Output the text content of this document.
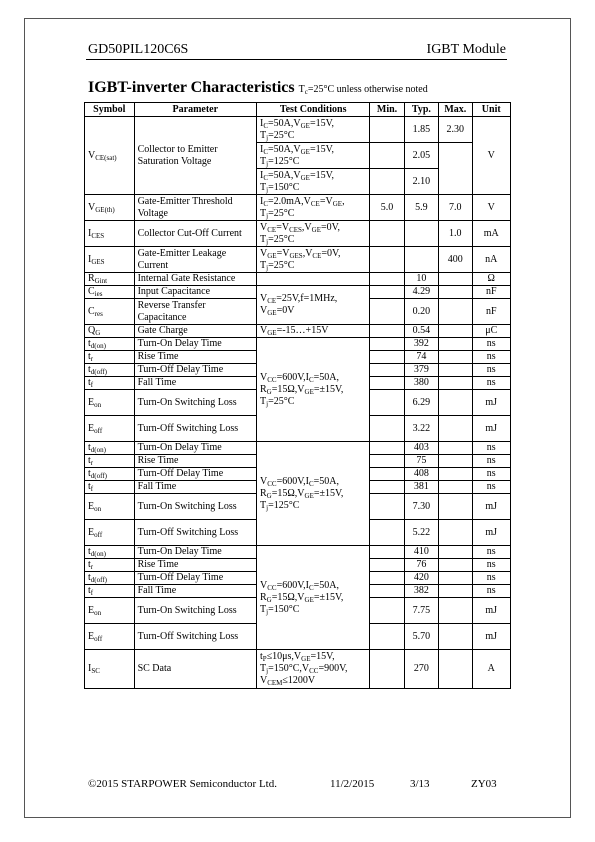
GD50PIL120C6S	IGBT Module
IGBT-inverter Characteristics $T_c=25^\circ C$ unless otherwise noted
Symbol	Parameter	Test Conditions	Min.	Typ.	Max.	Unit
$V_{CE(sat)}$	Collector to Emitter Saturation Voltage	$I_C=50A,V_{GE}=15V$,
$T_j=25^\circ C$		1.85	2.30	V
		$I_C=50A,V_{GE}=15V$,
$T_j=125^\circ C$		2.05		
		$I_C=50A,V_{GE}=15V$,
$T_j=150^\circ C$		2.10		
$V_{GE(th)}$	Gate-Emitter Threshold Voltage	$I_C=2.0mA,V_{CE}=V_{GE}$,
$T_j=25^\circ C$	5.0	5.9	7.0	V
$I_{CES}$	Collector Cut-Off Current	$V_{CE}=V_{CES},V_{GE}=0V$,
$T_j=25^\circ C$			1.0	mA
$I_{GES}$	Gate-Emitter Leakage Current	$V_{GE}=V_{GES},V_{CE}=0V$,
$T_j=25^\circ C$			400	nA
$R_{Gint}$	Internal Gate Resistance			10		Ω
$C_{ies}$	Input Capacitance	$V_{CE}=25V,f=1MHz$,
$V_{GE}=0V$		4.29		nF
$C_{res}$	Reverse Transfer Capacitance			0.20		nF
$Q_G$	Gate Charge	$V_{GE}=-15\dots+15V$		0.54		μC
$t_{d(on)}$	Turn-On Delay Time	$V_{CC}=600V,I_C=50A$,
$R_G=15\Omega,V_{GE}=\pm 15V$,
$T_j=25^\circ C$		392		ns
$t_r$	Rise Time			74		ns
$t_{d(off)}$	Turn-Off Delay Time			379		ns
$t_f$	Fall Time			380		ns
$E_{on}$	Turn-On Switching Loss			6.29		mJ
$E_{off}$	Turn-Off Switching Loss			3.22		mJ
$t_{d(on)}$	Turn-On Delay Time	$V_{CC}=600V,I_C=50A$,
$R_G=15\Omega,V_{GE}=\pm 15V$,
$T_j=125^\circ C$		403		ns
$t_r$	Rise Time			75		ns
$t_{d(off)}$	Turn-Off Delay Time			408		ns
$t_f$	Fall Time			381		ns
$E_{on}$	Turn-On Switching Loss			7.30		mJ
$E_{off}$	Turn-Off Switching Loss			5.22		mJ
$t_{d(on)}$	Turn-On Delay Time	$V_{CC}=600V,I_C=50A$,
$R_G=15\Omega,V_{GE}=\pm 15V$,
$T_j=150^\circ C$		410		ns
$t_r$	Rise Time			76		ns
$t_{d(off)}$	Turn-Off Delay Time			420		ns
$t_f$	Fall Time			382		ns
$E_{on}$	Turn-On Switching Loss			7.75		mJ
$E_{off}$	Turn-Off Switching Loss			5.70		mJ
$I_{SC}$	SC Data	$t_P\le 10\mu s,V_{GE}=15V$,
$T_j=150^\circ C,V_{CC}=900V$,
$V_{CEM}\le 1200V$		270		A
©2015 STARPOWER Semiconductor Ltd.	11/2/2015	3/13	ZY03
